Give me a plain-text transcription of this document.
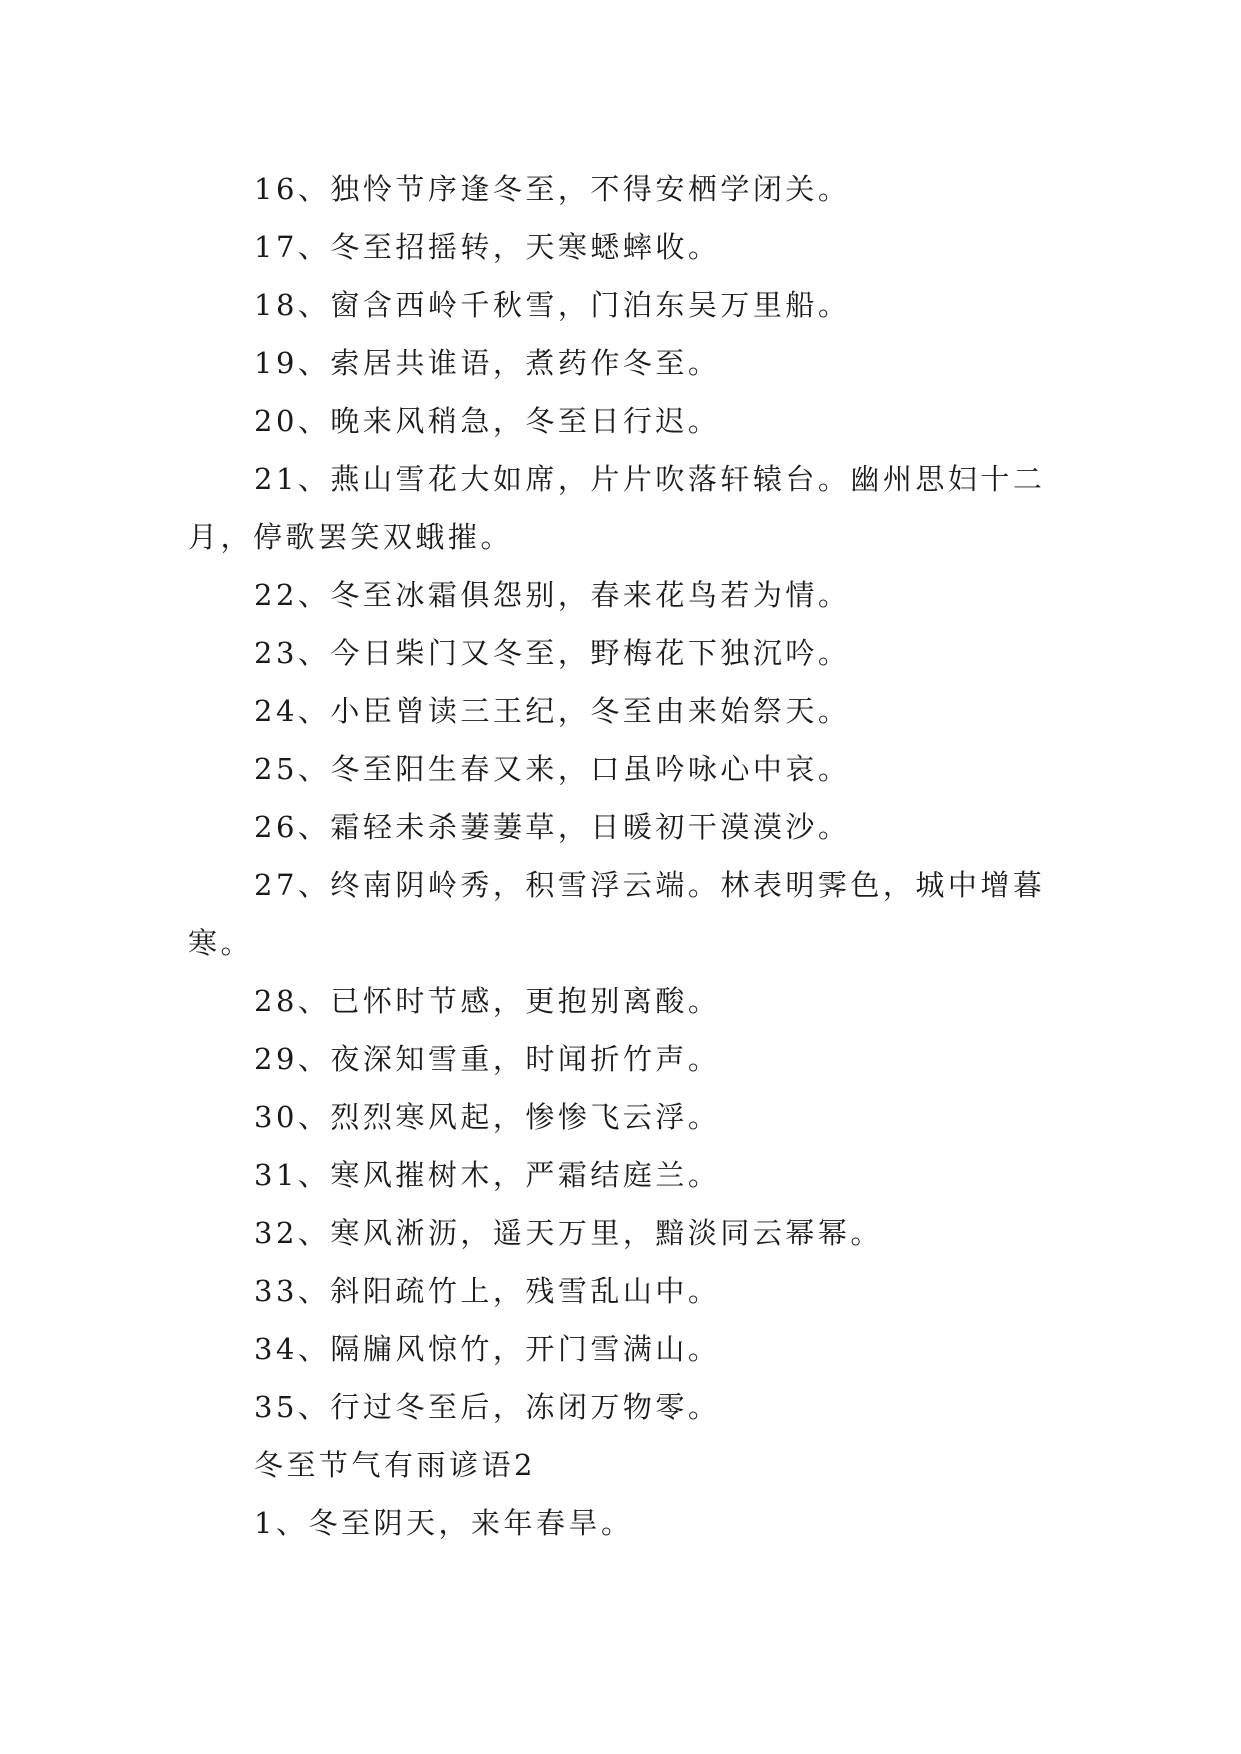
16、独怜节序逢冬至，不得安栖学闭关。

17、冬至招摇转，天寒蟋蟀收。

18、窗含西岭千秋雪，门泊东吴万里船。

19、索居共谁语，煮药作冬至。

20、晚来风稍急，冬至日行迟。

21、燕山雪花大如席，片片吹落轩辕台。幽州思妇十二月，停歌罢笑双蛾摧。

22、冬至冰霜俱怨别，春来花鸟若为情。

23、今日柴门又冬至，野梅花下独沉吟。

24、小臣曾读三王纪，冬至由来始祭天。

25、冬至阳生春又来，口虽吟咏心中哀。

26、霜轻未杀萋萋草，日暖初干漠漠沙。

27、终南阴岭秀，积雪浮云端。林表明霁色，城中增暮寒。

28、已怀时节感，更抱别离酸。

29、夜深知雪重，时闻折竹声。

30、烈烈寒风起，惨惨飞云浮。

31、寒风摧树木，严霜结庭兰。

32、寒风淅沥，遥天万里，黯淡同云幂幂。

33、斜阳疏竹上，残雪乱山中。

34、隔牖风惊竹，开门雪满山。

35、行过冬至后，冻闭万物零。

冬至节气有雨谚语2

1、冬至阴天，来年春旱。
